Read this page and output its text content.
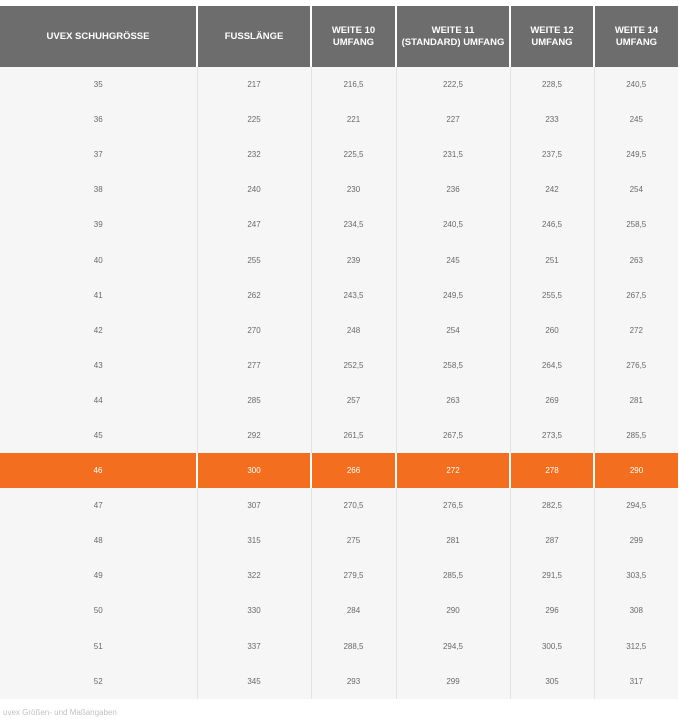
UVEX SCHUHGRÖSSE	FUSSLÄNGE	WEITE 10 UMFANG	WEITE 11 (STANDARD) UMFANG	WEITE 12 UMFANG	WEITE 14 UMFANG
35	217	216,5	222,5	228,5	240,5
36	225	221	227	233	245
37	232	225,5	231,5	237,5	249,5
38	240	230	236	242	254
39	247	234,5	240,5	246,5	258,5
40	255	239	245	251	263
41	262	243,5	249,5	255,5	267,5
42	270	248	254	260	272
43	277	252,5	258,5	264,5	276,5
44	285	257	263	269	281
45	292	261,5	267,5	273,5	285,5
46	300	266	272	278	290
47	307	270,5	276,5	282,5	294,5
48	315	275	281	287	299
49	322	279,5	285,5	291,5	303,5
50	330	284	290	296	308
51	337	288,5	294,5	300,5	312,5
52	345	293	299	305	317
uvex Größen- und Maßangaben
